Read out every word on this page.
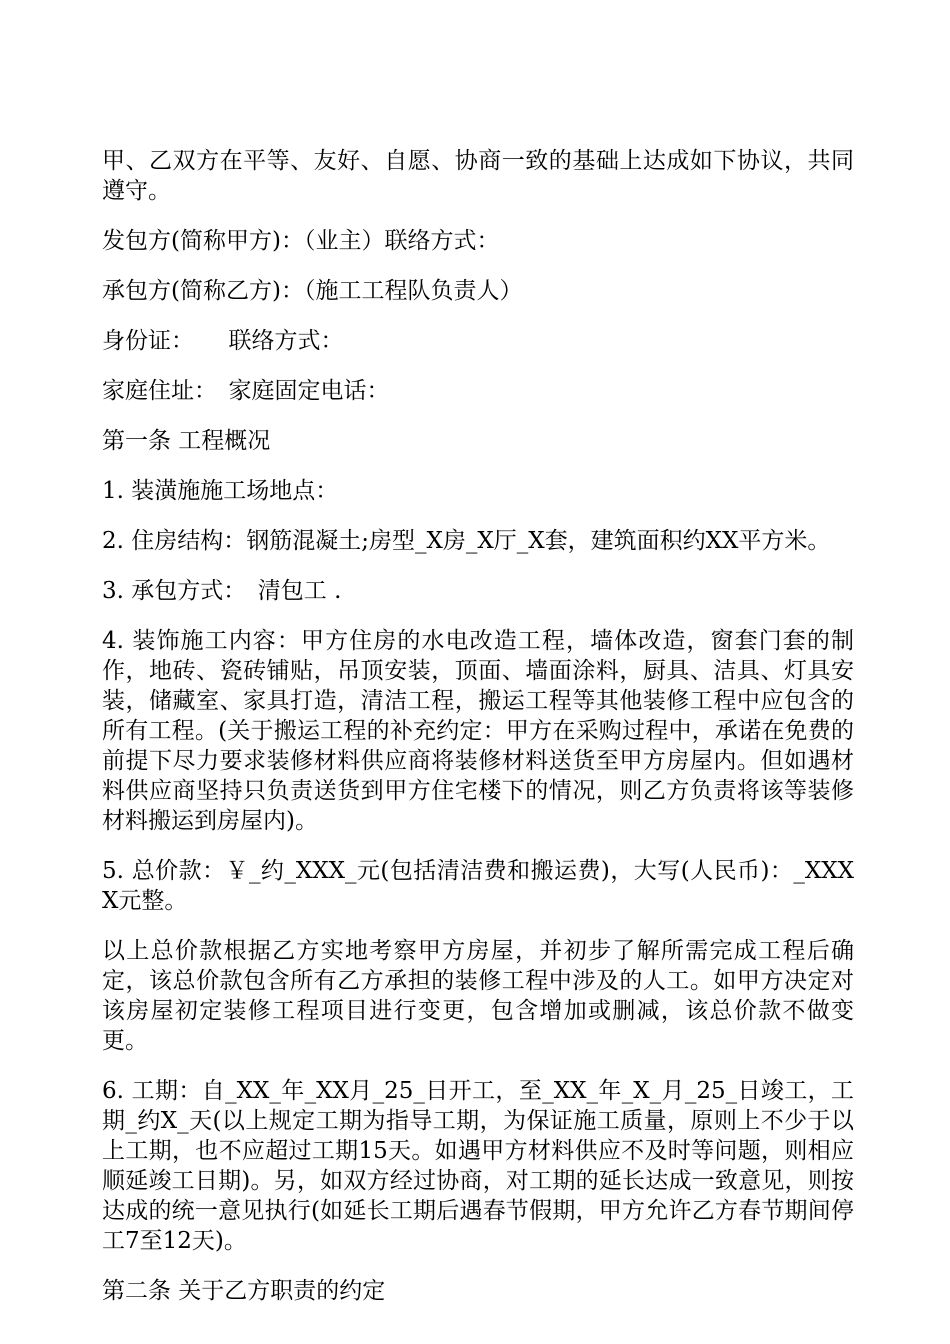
甲、乙双方在平等、友好、自愿、协商一致的基础上达成如下协议，共同遵守。

发包方(简称甲方)：（业主）联络方式：

承包方(简称乙方)：（施工工程队负责人）

身份证：　　联络方式：

家庭住址：　家庭固定电话：

第一条 工程概况

1. 装潢施施工场地点：

2. 住房结构：钢筋混凝土;房型_X房_X厅_X套，建筑面积约XX平方米。

3. 承包方式：　清包工 .

4. 装饰施工内容：甲方住房的水电改造工程，墙体改造，窗套门套的制作，地砖、瓷砖铺贴，吊顶安装，顶面、墙面涂料，厨具、洁具、灯具安装，储藏室、家具打造，清洁工程，搬运工程等其他装修工程中应包含的所有工程。(关于搬运工程的补充约定：甲方在采购过程中，承诺在免费的前提下尽力要求装修材料供应商将装修材料送货至甲方房屋内。但如遇材料供应商坚持只负责送货到甲方住宅楼下的情况，则乙方负责将该等装修材料搬运到房屋内)。

5. 总价款：￥_约_XXX_元(包括清洁费和搬运费)，大写(人民币)：_XXXX元整。

以上总价款根据乙方实地考察甲方房屋，并初步了解所需完成工程后确定，该总价款包含所有乙方承担的装修工程中涉及的人工。如甲方决定对该房屋初定装修工程项目进行变更，包含增加或删减，该总价款不做变更。

6. 工期：自_XX_年_XX月_25_日开工，至_XX_年_X_月_25_日竣工，工期_约X_天(以上规定工期为指导工期，为保证施工质量，原则上不少于以上工期，也不应超过工期15天。如遇甲方材料供应不及时等问题，则相应顺延竣工日期)。另，如双方经过协商，对工期的延长达成一致意见，则按达成的统一意见执行(如延长工期后遇春节假期，甲方允许乙方春节期间停工7至12天)。

第二条 关于乙方职责的约定
